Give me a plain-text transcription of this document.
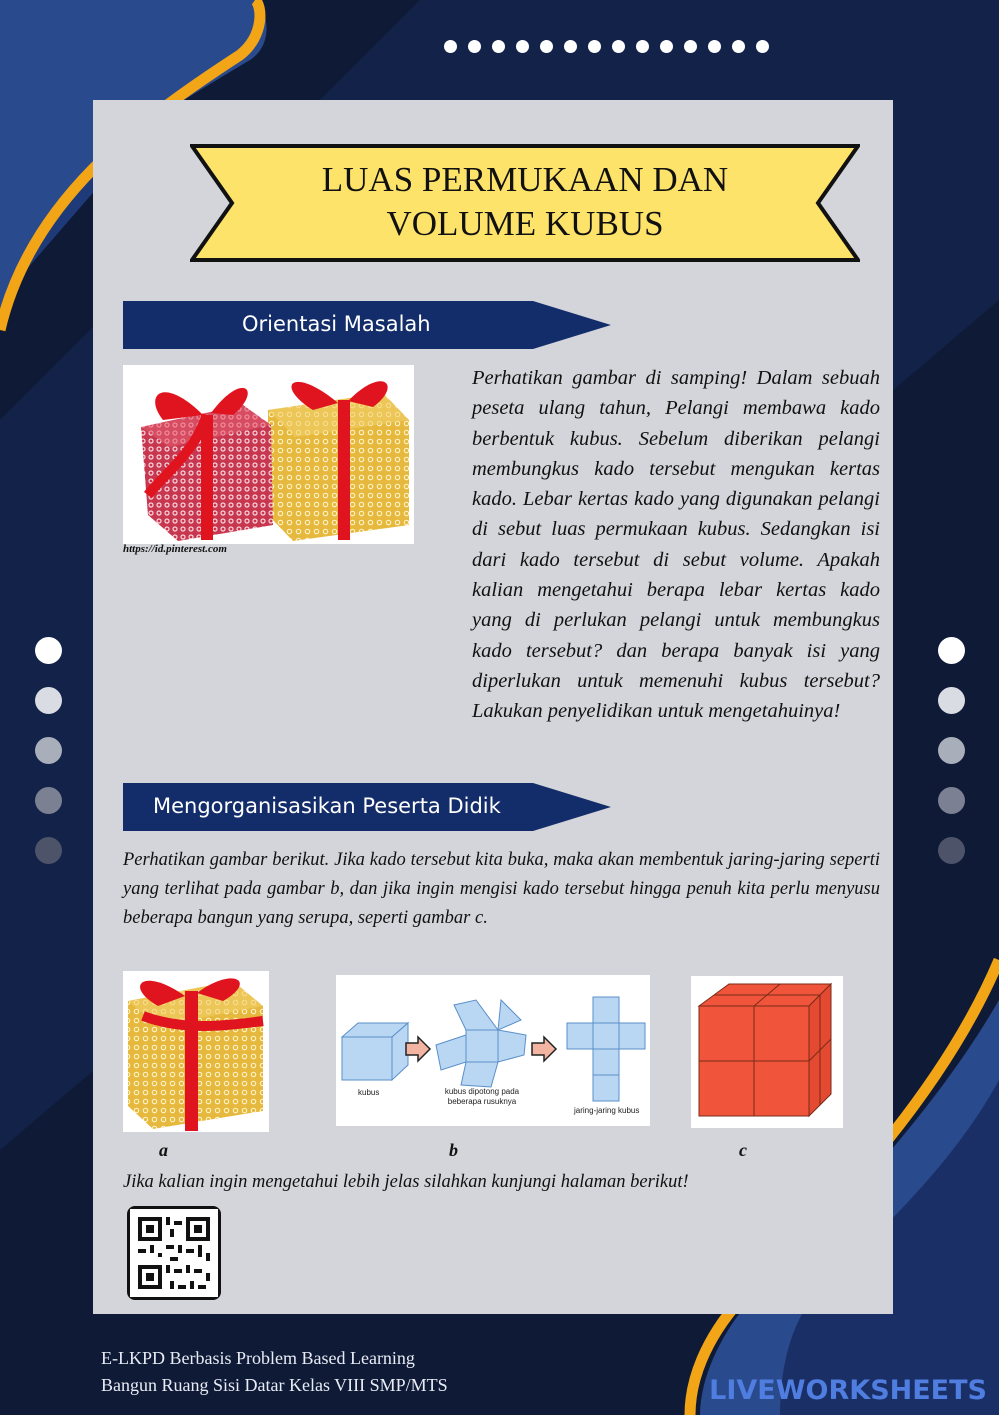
LUAS PERMUKAAN DAN VOLUME KUBUS
Orientasi Masalah
https://id.pinterest.com
Perhatikan gambar di samping! Dalam sebuah peseta ulang tahun, Pelangi membawa kado berbentuk kubus. Sebelum diberikan pelangi membungkus kado tersebut mengukan kertas kado. Lebar kertas kado yang digunakan pelangi di sebut luas permukaan kubus. Sedangkan isi dari kado tersebut di sebut volume. Apakah kalian mengetahui berapa lebar kertas kado yang di perlukan pelangi untuk membungkus kado tersebut? dan berapa banyak isi yang diperlukan untuk memenuhi kubus tersebut? Lakukan penyelidikan untuk mengetahuinya!
Mengorganisasikan Peserta Didik
Perhatikan gambar berikut. Jika kado tersebut kita buka, maka akan membentuk jaring-jaring seperti yang terlihat pada gambar b, dan jika ingin mengisi kado tersebut hingga penuh kita perlu menyusu beberapa bangun yang serupa, seperti gambar c.
kubus	kubus dipotong pada beberapa rusuknya
jaring-jaring kubus
a	b	c
Jika kalian ingin mengetahui lebih jelas silahkan kunjungi halaman berikut!
E-LKPD Berbasis Problem Based Learning
Bangun Ruang Sisi Datar Kelas VIII SMP/MTS	LIVEWORKSHEETS
